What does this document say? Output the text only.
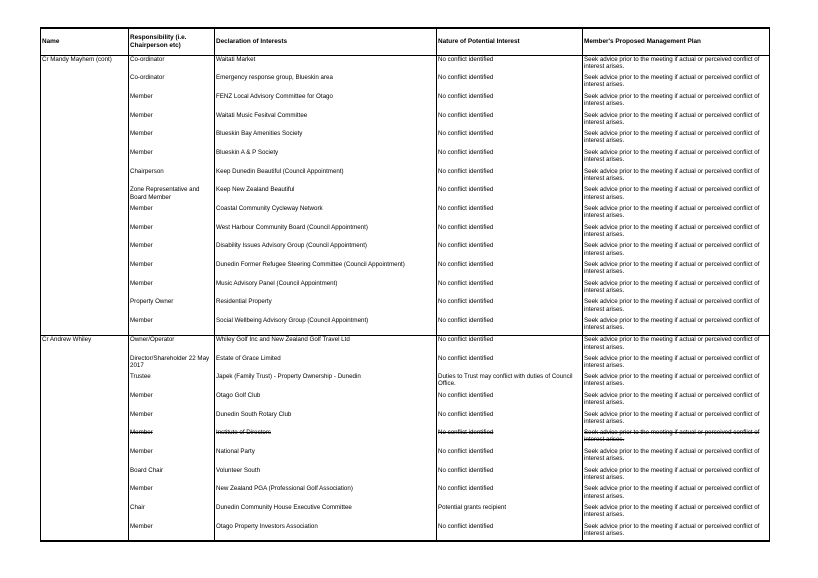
Name	Responsibility (i.e. Chairperson etc)	Declaration of Interests	Nature of Potential Interest	Member's Proposed Management Plan
Cr Mandy Mayhem (cont)	Co-ordinator	Waitati Market	No conflict identified	Seek advice prior to the meeting if actual or perceived conflict of interest arises.
	Co-ordinator	Emergency response group, Blueskin area	No conflict identified	Seek advice prior to the meeting if actual or perceived conflict of interest arises.
	Member	FENZ Local Advisory Committee for Otago	No conflict identified	Seek advice prior to the meeting if actual or perceived conflict of interest arises.
	Member	Waitati Music Fesitval Committee	No conflict identified	Seek advice prior to the meeting if actual or perceived conflict of interest arises.
	Member	Blueskin Bay Amenities Society	No conflict identified	Seek advice prior to the meeting if actual or perceived conflict of interest arises.
	Member	Blueskin A & P Society	No conflict identified	Seek advice prior to the meeting if actual or perceived conflict of interest arises.
	Chairperson	Keep Dunedin Beautiful (Council Appointment)	No conflict identified	Seek advice prior to the meeting if actual or perceived conflict of interest arises.
	Zone Representative and Board Member	Keep New Zealand Beautiful	No conflict identified	Seek advice prior to the meeting if actual or perceived conflict of interest arises.
	Member	Coastal Community Cycleway Network	No conflict identified	Seek advice prior to the meeting if actual or perceived conflict of interest arises.
	Member	West Harbour Community Board (Council Appointment)	No conflict identified	Seek advice prior to the meeting if actual or perceived conflict of interest arises.
	Member	Disability Issues Advisory Group (Council Appointment)	No conflict identified	Seek advice prior to the meeting if actual or perceived conflict of interest arises.
	Member	Dunedin Former Refugee Steering Committee (Council Appointment)	No conflict identified	Seek advice prior to the meeting if actual or perceived conflict of interest arises.
	Member	Music Advisory Panel (Council Appointment)	No conflict identified	Seek advice prior to the meeting if actual or perceived conflict of interest arises.
	Property Owner	Residential Property	No conflict identified	Seek advice prior to the meeting if actual or perceived conflict of interest arises.
	Member	Social Wellbeing Advisory Group (Council Appointment)	No conflict identified	Seek advice prior to the meeting if actual or perceived conflict of interest arises.
Cr Andrew Whiley	Owner/Operator	Whiley Golf Inc and New Zealand Golf Travel Ltd	No conflict identified	Seek advice prior to the meeting if actual or perceived conflict of interest arises.
	Director/Shareholder 22 May 2017	Estate of Grace Limited	No conflict identified	Seek advice prior to the meeting if actual or perceived conflict of interest arises.
	Trustee	Japek (Family Trust) - Property Ownership - Dunedin	Duties to Trust may conflict with duties of Council Office.	Seek advice prior to the meeting if actual or perceived conflict of interest arises.
	Member	Otago Golf Club	No conflict identified	Seek advice prior to the meeting if actual or perceived conflict of interest arises.
	Member	Dunedin South Rotary Club	No conflict identified	Seek advice prior to the meeting if actual or perceived conflict of interest arises.
	Member	Institute of Directors	No conflict identified	Seek advice prior to the meeting if actual or perceived conflict of interest arises.
	Member	National Party	No conflict identified	Seek advice prior to the meeting if actual or perceived conflict of interest arises.
	Board Chair	Volunteer South	No conflict identified	Seek advice prior to the meeting if actual or perceived conflict of interest arises.
	Member	New Zealand PGA (Professional Golf Association)	No conflict identified	Seek advice prior to the meeting if actual or perceived conflict of interest arises.
	Chair	Dunedin Community House Executive Committee	Potential grants recipient	Seek advice prior to the meeting if actual or perceived conflict of interest arises.
	Member	Otago Property Investors Association	No conflict identified	Seek advice prior to the meeting if actual or perceived conflict of interest arises.
